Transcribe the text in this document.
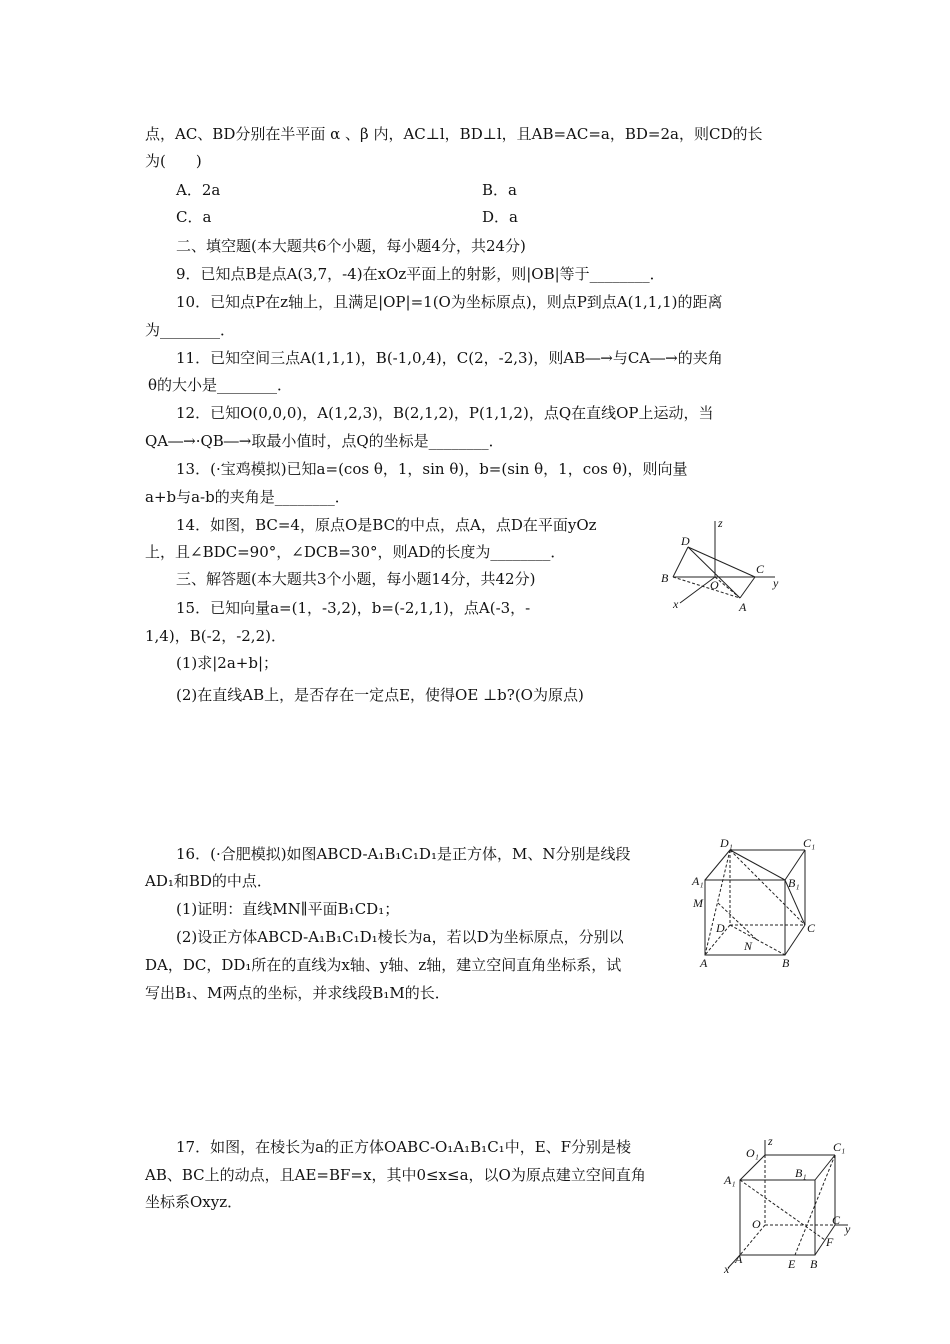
点，AC、BD分别在半平面 α 、β 内，AC⊥l，BD⊥l，且AB=AC=a，BD=2a，则CD的长
为(　　)
A．2a	B．a
C．a	D．a
二、填空题(本大题共6个小题，每小题4分，共24分)
9．已知点B是点A(3,7，-4)在xOz平面上的射影，则|OB|等于________．
10．已知点P在z轴上，且满足|OP|=1(O为坐标原点)，则点P到点A(1,1,1)的距离
为________．
11．已知空间三点A(1,1,1)，B(-1,0,4)，C(2，-2,3)，则AB―→与CA―→的夹角
θ的大小是________．
12．已知O(0,0,0)，A(1,2,3)，B(2,1,2)，P(1,1,2)，点Q在直线OP上运动，当
QA―→·QB―→取最小值时，点Q的坐标是________．
13．(·宝鸡模拟)已知a=(cos θ，1，sin θ)，b=(sin θ，1，cos θ)，则向量
a+b与a-b的夹角是________．
14．如图，BC=4，原点O是BC的中点，点A，点D在平面yOz
上，且∠BDC=90°，∠DCB=30°，则AD的长度为________．
三、解答题(本大题共3个小题，每小题14分，共42分)
15．已知向量a=(1，-3,2)，b=(-2,1,1)，点A(-3，-
1,4)，B(-2，-2,2)．
(1)求|2a+b|；
(2)在直线AB上，是否存在一定点E，使得OE ⊥b?(O为原点)
16．(·合肥模拟)如图ABCD-A₁B₁C₁D₁是正方体，M、N分别是线段
AD₁和BD的中点．
(1)证明：直线MN∥平面B₁CD₁；
(2)设正方体ABCD-A₁B₁C₁D₁棱长为a，若以D为坐标原点，分别以
DA，DC，DD₁所在的直线为x轴、y轴、z轴，建立空间直角坐标系，试
写出B₁、M两点的坐标，并求线段B₁M的长．
17．如图，在棱长为a的正方体OABC-O₁A₁B₁C₁中，E、F分别是棱
AB、BC上的动点，且AE=BF=x，其中0≤x≤a，以O为原点建立空间直角
坐标系Oxyz．
z
y
x
D
B	O
C
A
D₁	C₁
A₁	B₁
M
D	C
N
A	B
z
O₁	C₁
A₁	B₁
O	C
y
F
A	E B
x
